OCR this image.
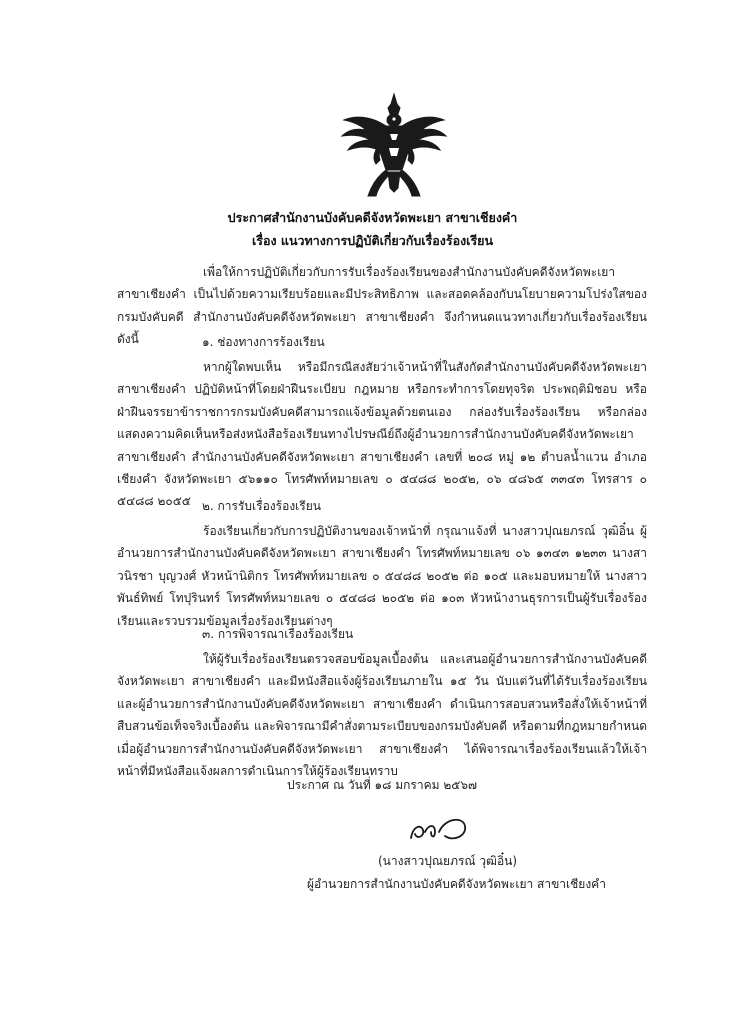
ประกาศสำนักงานบังคับคดีจังหวัดพะเยา สาขาเชียงคำ
เรื่อง แนวทางการปฏิบัติเกี่ยวกับเรื่องร้องเรียน

เพื่อให้การปฏิบัติเกี่ยวกับการรับเรื่องร้องเรียนของสำนักงานบังคับคดีจังหวัดพะเยา สาขาเชียงคำ เป็นไปด้วยความเรียบร้อยและมีประสิทธิภาพ และสอดคล้องกับนโยบายความโปร่งใสของกรมบังคับคดี สำนักงานบังคับคดีจังหวัดพะเยา สาขาเชียงคำ จึงกำหนดแนวทางเกี่ยวกับเรื่องร้องเรียน ดังนี้	๑. ช่องทางการร้องเรียน

หากผู้ใดพบเห็น หรือมีกรณีสงสัยว่าเจ้าหน้าที่ในสังกัดสำนักงานบังคับคดีจังหวัดพะเยา สาขาเชียงคำ ปฏิบัติหน้าที่โดยฝ่าฝืนระเบียบ กฎหมาย หรือกระทำการโดยทุจริต ประพฤติมิชอบ หรือฝ่าฝืนจรรยาข้าราชการกรมบังคับคดีสามารถแจ้งข้อมูลด้วยตนเอง กล่องรับเรื่องร้องเรียน หรือกล่องแสดงความคิดเห็นหรือส่งหนังสือร้องเรียนทางไปรษณีย์ถึงผู้อำนวยการสำนักงานบังคับคดีจังหวัดพะเยา สาขาเชียงคำ สำนักงานบังคับคดีจังหวัดพะเยา สาขาเชียงคำ เลขที่ ๒๐๘ หมู่ ๑๒ ตำบลน้ำแวน อำเภอเชียงคำ จังหวัดพะเยา ๕๖๑๑๐ โทรศัพท์หมายเลข ๐ ๕๔๘๘ ๒๐๕๒, ๐๖ ๔๘๖๕ ๓๓๔๓ โทรสาร ๐ ๕๔๘๘ ๒๐๕๕ ๒. การรับเรื่องร้องเรียน

ร้องเรียนเกี่ยวกับการปฏิบัติงานของเจ้าหน้าที่ กรุณาแจ้งที่ นางสาวปุณยภรณ์ วุฒิอิ๋น ผู้อำนวยการสำนักงานบังคับคดีจังหวัดพะเยา สาขาเชียงคำ โทรศัพท์หมายเลข ๐๖ ๑๓๔๓ ๑๒๓๓ นางสาวนิรชา บุญวงศ์ หัวหน้านิติกร โทรศัพท์หมายเลข ๐ ๕๔๘๘ ๒๐๕๒ ต่อ ๑๐๕ และมอบหมายให้ นางสาวพันธ์ทิพย์ โทปุรินทร์ โทรศัพท์หมายเลข ๐ ๕๔๘๘ ๒๐๕๒ ต่อ ๑๐๓ หัวหน้างานธุรการเป็นผู้รับเรื่องร้องเรียนและรวบรวมข้อมูลเรื่องร้องเรียนต่างๆ

๓. การพิจารณาเรื่องร้องเรียน

ให้ผู้รับเรื่องร้องเรียนตรวจสอบข้อมูลเบื้องต้น และเสนอผู้อำนวยการสำนักงานบังคับคดีจังหวัดพะเยา สาขาเชียงคำ และมีหนังสือแจ้งผู้ร้องเรียนภายใน ๑๕ วัน นับแต่วันที่ได้รับเรื่องร้องเรียน และผู้อำนวยการสำนักงานบังคับคดีจังหวัดพะเยา สาขาเชียงคำ ดำเนินการสอบสวนหรือสั่งให้เจ้าหน้าที่สืบสวนข้อเท็จจริงเบื้องต้น และพิจารณามีคำสั่งตามระเบียบของกรมบังคับคดี หรือตามที่กฎหมายกำหนด เมื่อผู้อำนวยการสำนักงานบังคับคดีจังหวัดพะเยา สาขาเชียงคำ ได้พิจารณาเรื่องร้องเรียนแล้วให้เจ้าหน้าที่มีหนังสือแจ้งผลการดำเนินการให้ผู้ร้องเรียนทราบ

ประกาศ ณ วันที่ ๑๘ มกราคม ๒๕๖๗
(นางสาวปุณยภรณ์ วุฒิอิ๋น)
ผู้อำนวยการสำนักงานบังคับคดีจังหวัดพะเยา สาขาเชียงคำ
